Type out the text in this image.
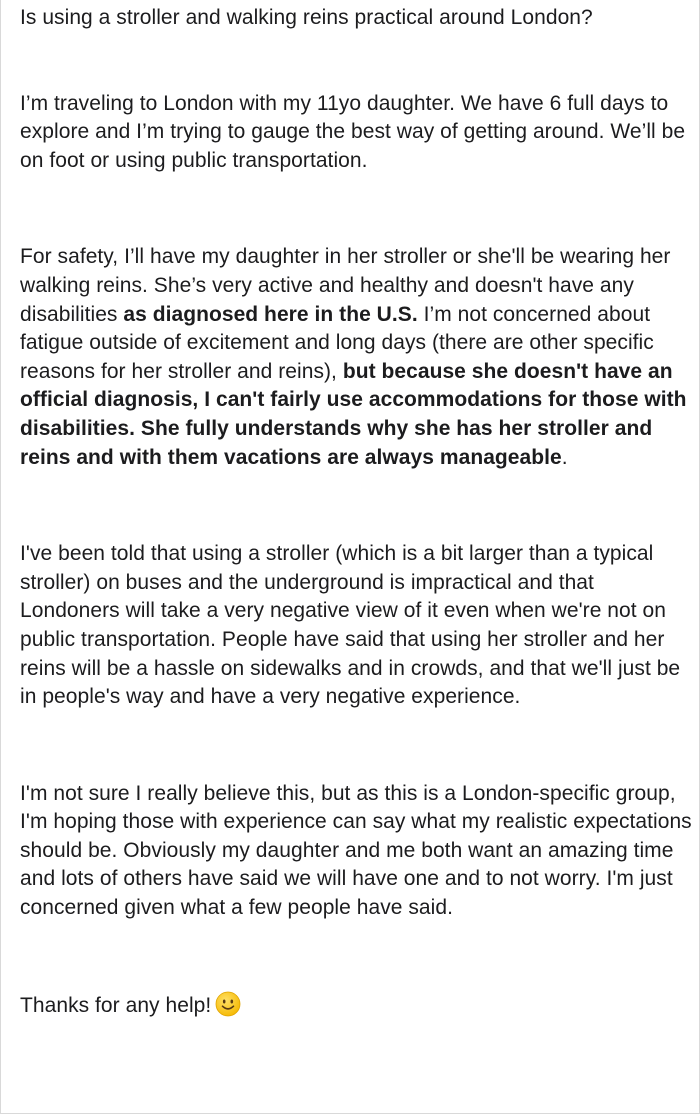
Is using a stroller and walking reins practical around London?

I’m traveling to London with my 11yo daughter. We have 6 full days to explore and I’m trying to gauge the best way of getting around. We’ll be on foot or using public transportation.

For safety, I’ll have my daughter in her stroller or she'll be wearing her walking reins. She’s very active and healthy and doesn't have any disabilities as diagnosed here in the U.S. I’m not concerned about fatigue outside of excitement and long days (there are other specific reasons for her stroller and reins), but because she doesn't have an official diagnosis, I can't fairly use accommodations for those with disabilities. She fully understands why she has her stroller and reins and with them vacations are always manageable.

I've been told that using a stroller (which is a bit larger than a typical stroller) on buses and the underground is impractical and that Londoners will take a very negative view of it even when we're not on public transportation. People have said that using her stroller and her reins will be a hassle on sidewalks and in crowds, and that we'll just be in people's way and have a very negative experience.

I'm not sure I really believe this, but as this is a London-specific group, I'm hoping those with experience can say what my realistic expectations should be. Obviously my daughter and me both want an amazing time and lots of others have said we will have one and to not worry. I'm just concerned given what a few people have said.

Thanks for any help!
